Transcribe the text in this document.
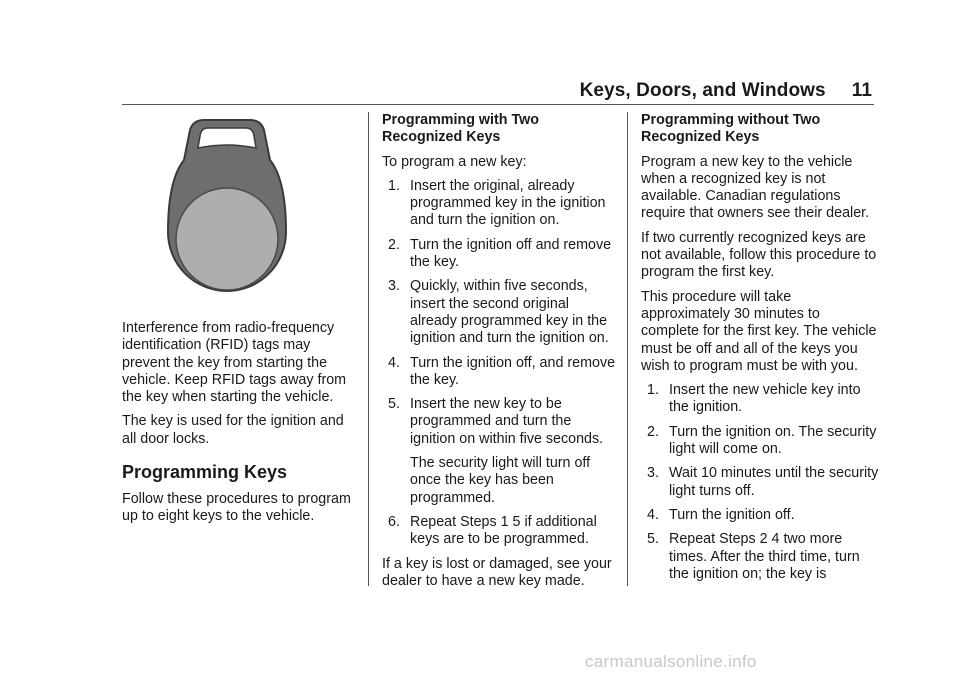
Keys, Doors, and Windows 11

Interference from radio-frequency identification (RFID) tags may prevent the key from starting the vehicle. Keep RFID tags away from the key when starting the vehicle.

The key is used for the ignition and all door locks.

Programming Keys

Follow these procedures to program up to eight keys to the vehicle.

Programming with Two Recognized Keys

To program a new key:

1. Insert the original, already programmed key in the ignition and turn the ignition on.
2. Turn the ignition off and remove the key.
3. Quickly, within five seconds, insert the second original already programmed key in the ignition and turn the ignition on.
4. Turn the ignition off, and remove the key.
5. Insert the new key to be programmed and turn the ignition on within five seconds.
The security light will turn off once the key has been programmed.
6. Repeat Steps 1 5 if additional keys are to be programmed.

If a key is lost or damaged, see your dealer to have a new key made.

Programming without Two Recognized Keys

Program a new key to the vehicle when a recognized key is not available. Canadian regulations require that owners see their dealer.

If two currently recognized keys are not available, follow this procedure to program the first key.

This procedure will take approximately 30 minutes to complete for the first key. The vehicle must be off and all of the keys you wish to program must be with you.

1. Insert the new vehicle key into the ignition.
2. Turn the ignition on. The security light will come on.
3. Wait 10 minutes until the security light turns off.
4. Turn the ignition off.
5. Repeat Steps 2 4 two more times. After the third time, turn the ignition on; the key is
carmanualsonline.info
